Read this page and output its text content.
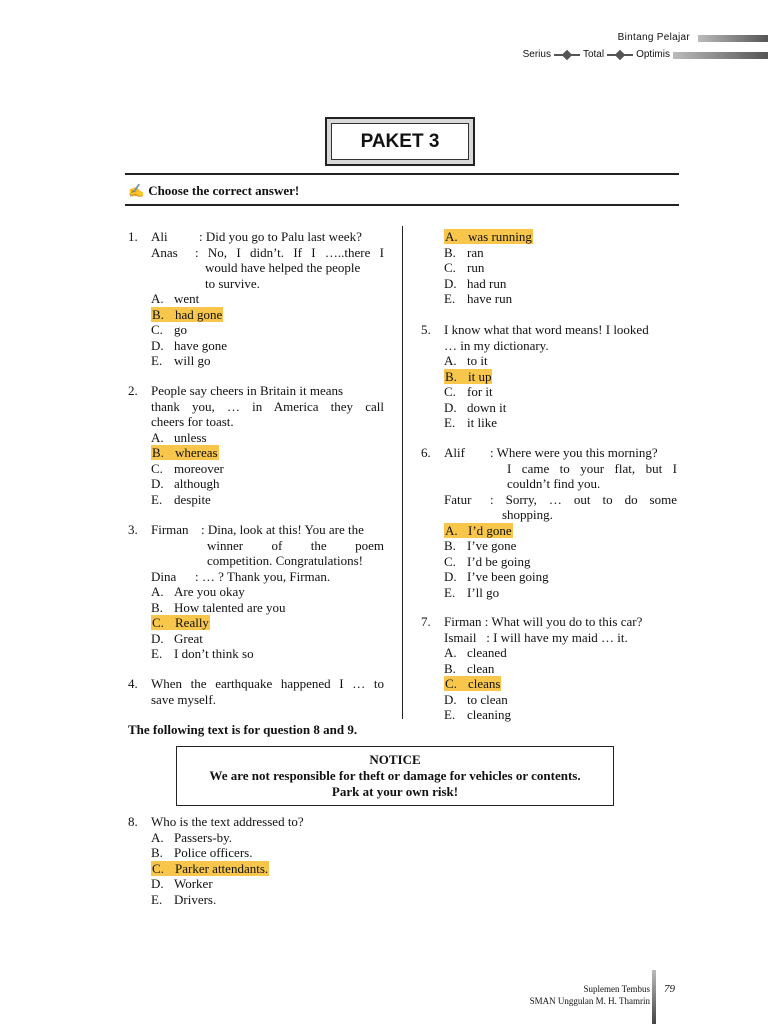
Bintang Pelajar
Serius	Total	Optimis
PAKET 3
✍ Choose the correct answer!
1. Ali : Did you go to Palu last week?
Anas : No, I didn’t. If I …..there I
would have helped the people
to survive.
A. went
B. had gone
C. go
D. have gone
E. will go
2. People say cheers in Britain it means
thank you, … in America they call
cheers for toast.
A. unless
B. whereas
C. moreover
D. although
E. despite
3. Firman : Dina, look at this! You are the
winner of the poem
competition. Congratulations!
Dina : … ? Thank you, Firman.
A. Are you okay
B. How talented are you
C. Really
D. Great
E. I don’t think so
4. When the earthquake happened I … to
save myself.
A. was running
B. ran
C. run
D. had run
E. have run
5. I know what that word means! I looked
… in my dictionary.
A. to it
B. it up
C. for it
D. down it
E. it like
6. Alif : Where were you this morning?
I came to your flat, but I
couldn’t find you.
Fatur : Sorry, … out to do some
shopping.
A. I’d gone
B. I’ve gone
C. I’d be going
D. I’ve been going
E. I’ll go
7. Firman : What will you do to this car?
Ismail   : I will have my maid … it.
A. cleaned
B. clean
C. cleans
D. to clean
E. cleaning
The following text is for question 8 and 9.
NOTICE
We are not responsible for theft or damage for vehicles or contents.
Park at your own risk!
8. Who is the text addressed to?
A. Passers-by.
B. Police officers.
C. Parker attendants.
D. Worker
E. Drivers.
Suplemen Tembus
SMAN Unggulan M. H. Thamrin
79
